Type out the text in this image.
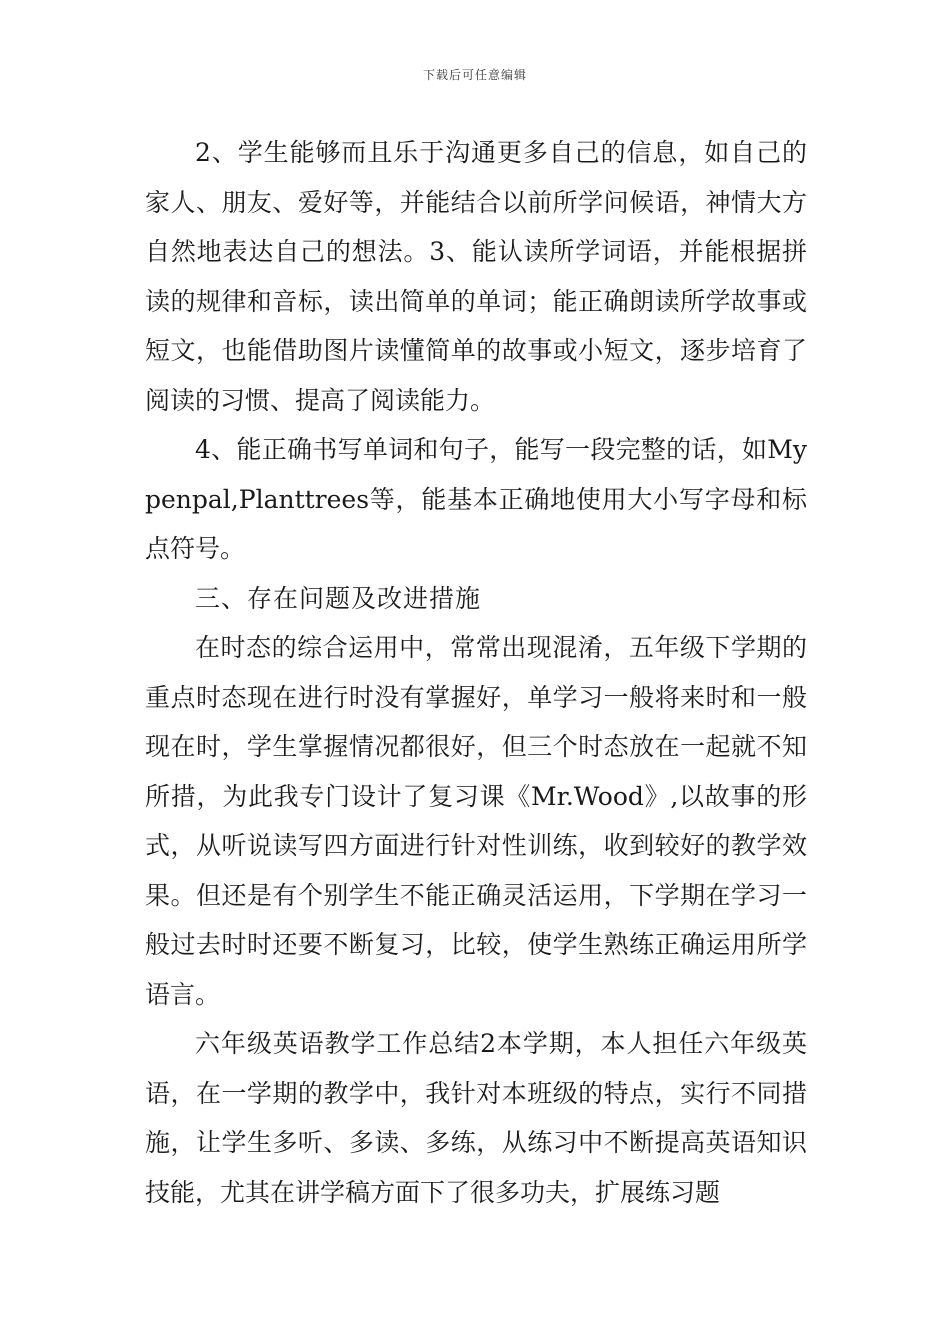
下载后可任意编辑

2、学生能够而且乐于沟通更多自己的信息，如自己的家人、朋友、爱好等，并能结合以前所学问候语，神情大方自然地表达自己的想法。3、能认读所学词语，并能根据拼读的规律和音标，读出简单的单词；能正确朗读所学故事或短文，也能借助图片读懂简单的故事或小短文，逐步培育了阅读的习惯、提高了阅读能力。

4、能正确书写单词和句子，能写一段完整的话，如Mypenpal,Planttrees等，能基本正确地使用大小写字母和标点符号。

三、存在问题及改进措施

在时态的综合运用中，常常出现混淆，五年级下学期的重点时态现在进行时没有掌握好，单学习一般将来时和一般现在时，学生掌握情况都很好，但三个时态放在一起就不知所措，为此我专门设计了复习课《Mr.Wood》,以故事的形式，从听说读写四方面进行针对性训练，收到较好的教学效果。但还是有个别学生不能正确灵活运用，下学期在学习一般过去时时还要不断复习，比较，使学生熟练正确运用所学语言。

六年级英语教学工作总结2本学期，本人担任六年级英语，在一学期的教学中，我针对本班级的特点，实行不同措施，让学生多听、多读、多练，从练习中不断提高英语知识技能，尤其在讲学稿方面下了很多功夫，扩展练习题
